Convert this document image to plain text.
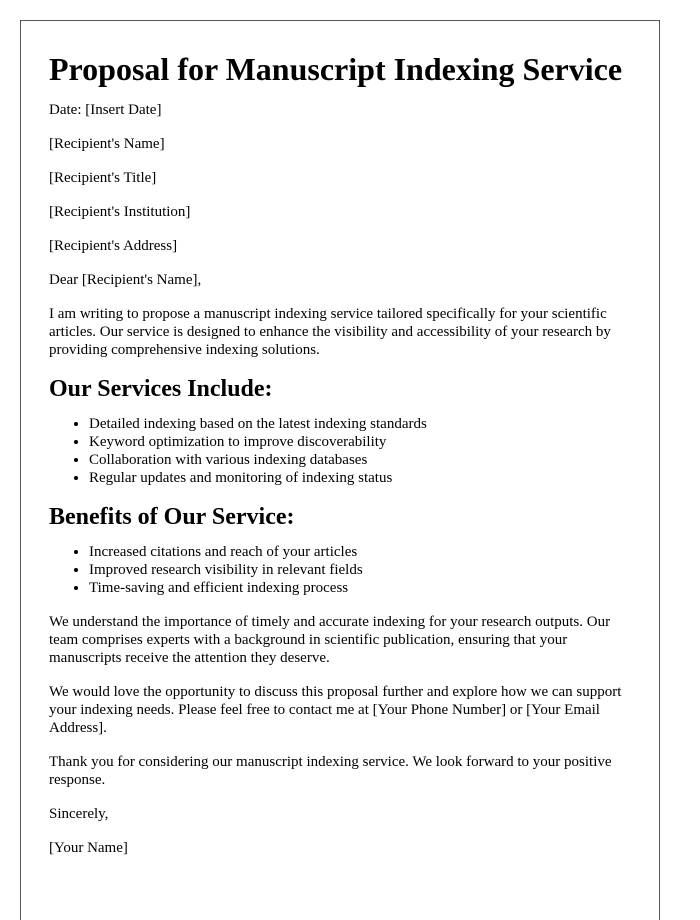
Proposal for Manuscript Indexing Service

Date: [Insert Date]

[Recipient's Name]

[Recipient's Title]

[Recipient's Institution]

[Recipient's Address]

Dear [Recipient's Name],

I am writing to propose a manuscript indexing service tailored specifically for your scientific articles. Our service is designed to enhance the visibility and accessibility of your research by providing comprehensive indexing solutions.

Our Services Include:
• Detailed indexing based on the latest indexing standards
• Keyword optimization to improve discoverability
• Collaboration with various indexing databases
• Regular updates and monitoring of indexing status
Benefits of Our Service:
• Increased citations and reach of your articles
• Improved research visibility in relevant fields
• Time-saving and efficient indexing process

We understand the importance of timely and accurate indexing for your research outputs. Our team comprises experts with a background in scientific publication, ensuring that your manuscripts receive the attention they deserve.

We would love the opportunity to discuss this proposal further and explore how we can support your indexing needs. Please feel free to contact me at [Your Phone Number] or [Your Email Address].

Thank you for considering our manuscript indexing service. We look forward to your positive response.

Sincerely,

[Your Name]
